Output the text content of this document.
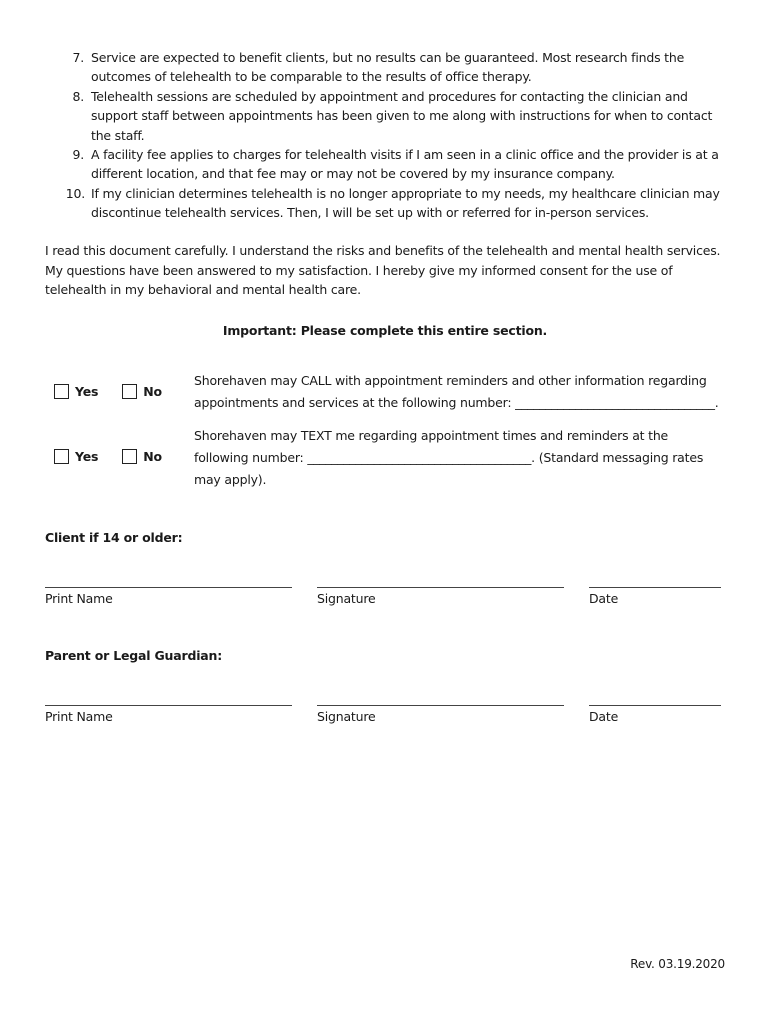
7. Service are expected to benefit clients, but no results can be guaranteed. Most research finds the outcomes of telehealth to be comparable to the results of office therapy.
8. Telehealth sessions are scheduled by appointment and procedures for contacting the clinician and support staff between appointments has been given to me along with instructions for when to contact the staff.
9. A facility fee applies to charges for telehealth visits if I am seen in a clinic office and the provider is at a different location, and that fee may or may not be covered by my insurance company.
10. If my clinician determines telehealth is no longer appropriate to my needs, my healthcare clinician may discontinue telehealth services. Then, I will be set up with or referred for in-person services.

I read this document carefully. I understand the risks and benefits of the telehealth and mental health services. My questions have been answered to my satisfaction. I hereby give my informed consent for the use of telehealth in my behavioral and mental health care.

Important: Please complete this entire section.
Yes	No
Shorehaven may CALL with appointment reminders and other information regarding
appointments and services at the following number: _________________________________.
Yes	No
Shorehaven may TEXT me regarding appointment times and reminders at the
following number: _____________________________________. (Standard messaging rates
may apply).
Client if 14 or older:
Print Name	Signature	Date
Parent or Legal Guardian:
Print Name	Signature	Date
Rev. 03.19.2020
